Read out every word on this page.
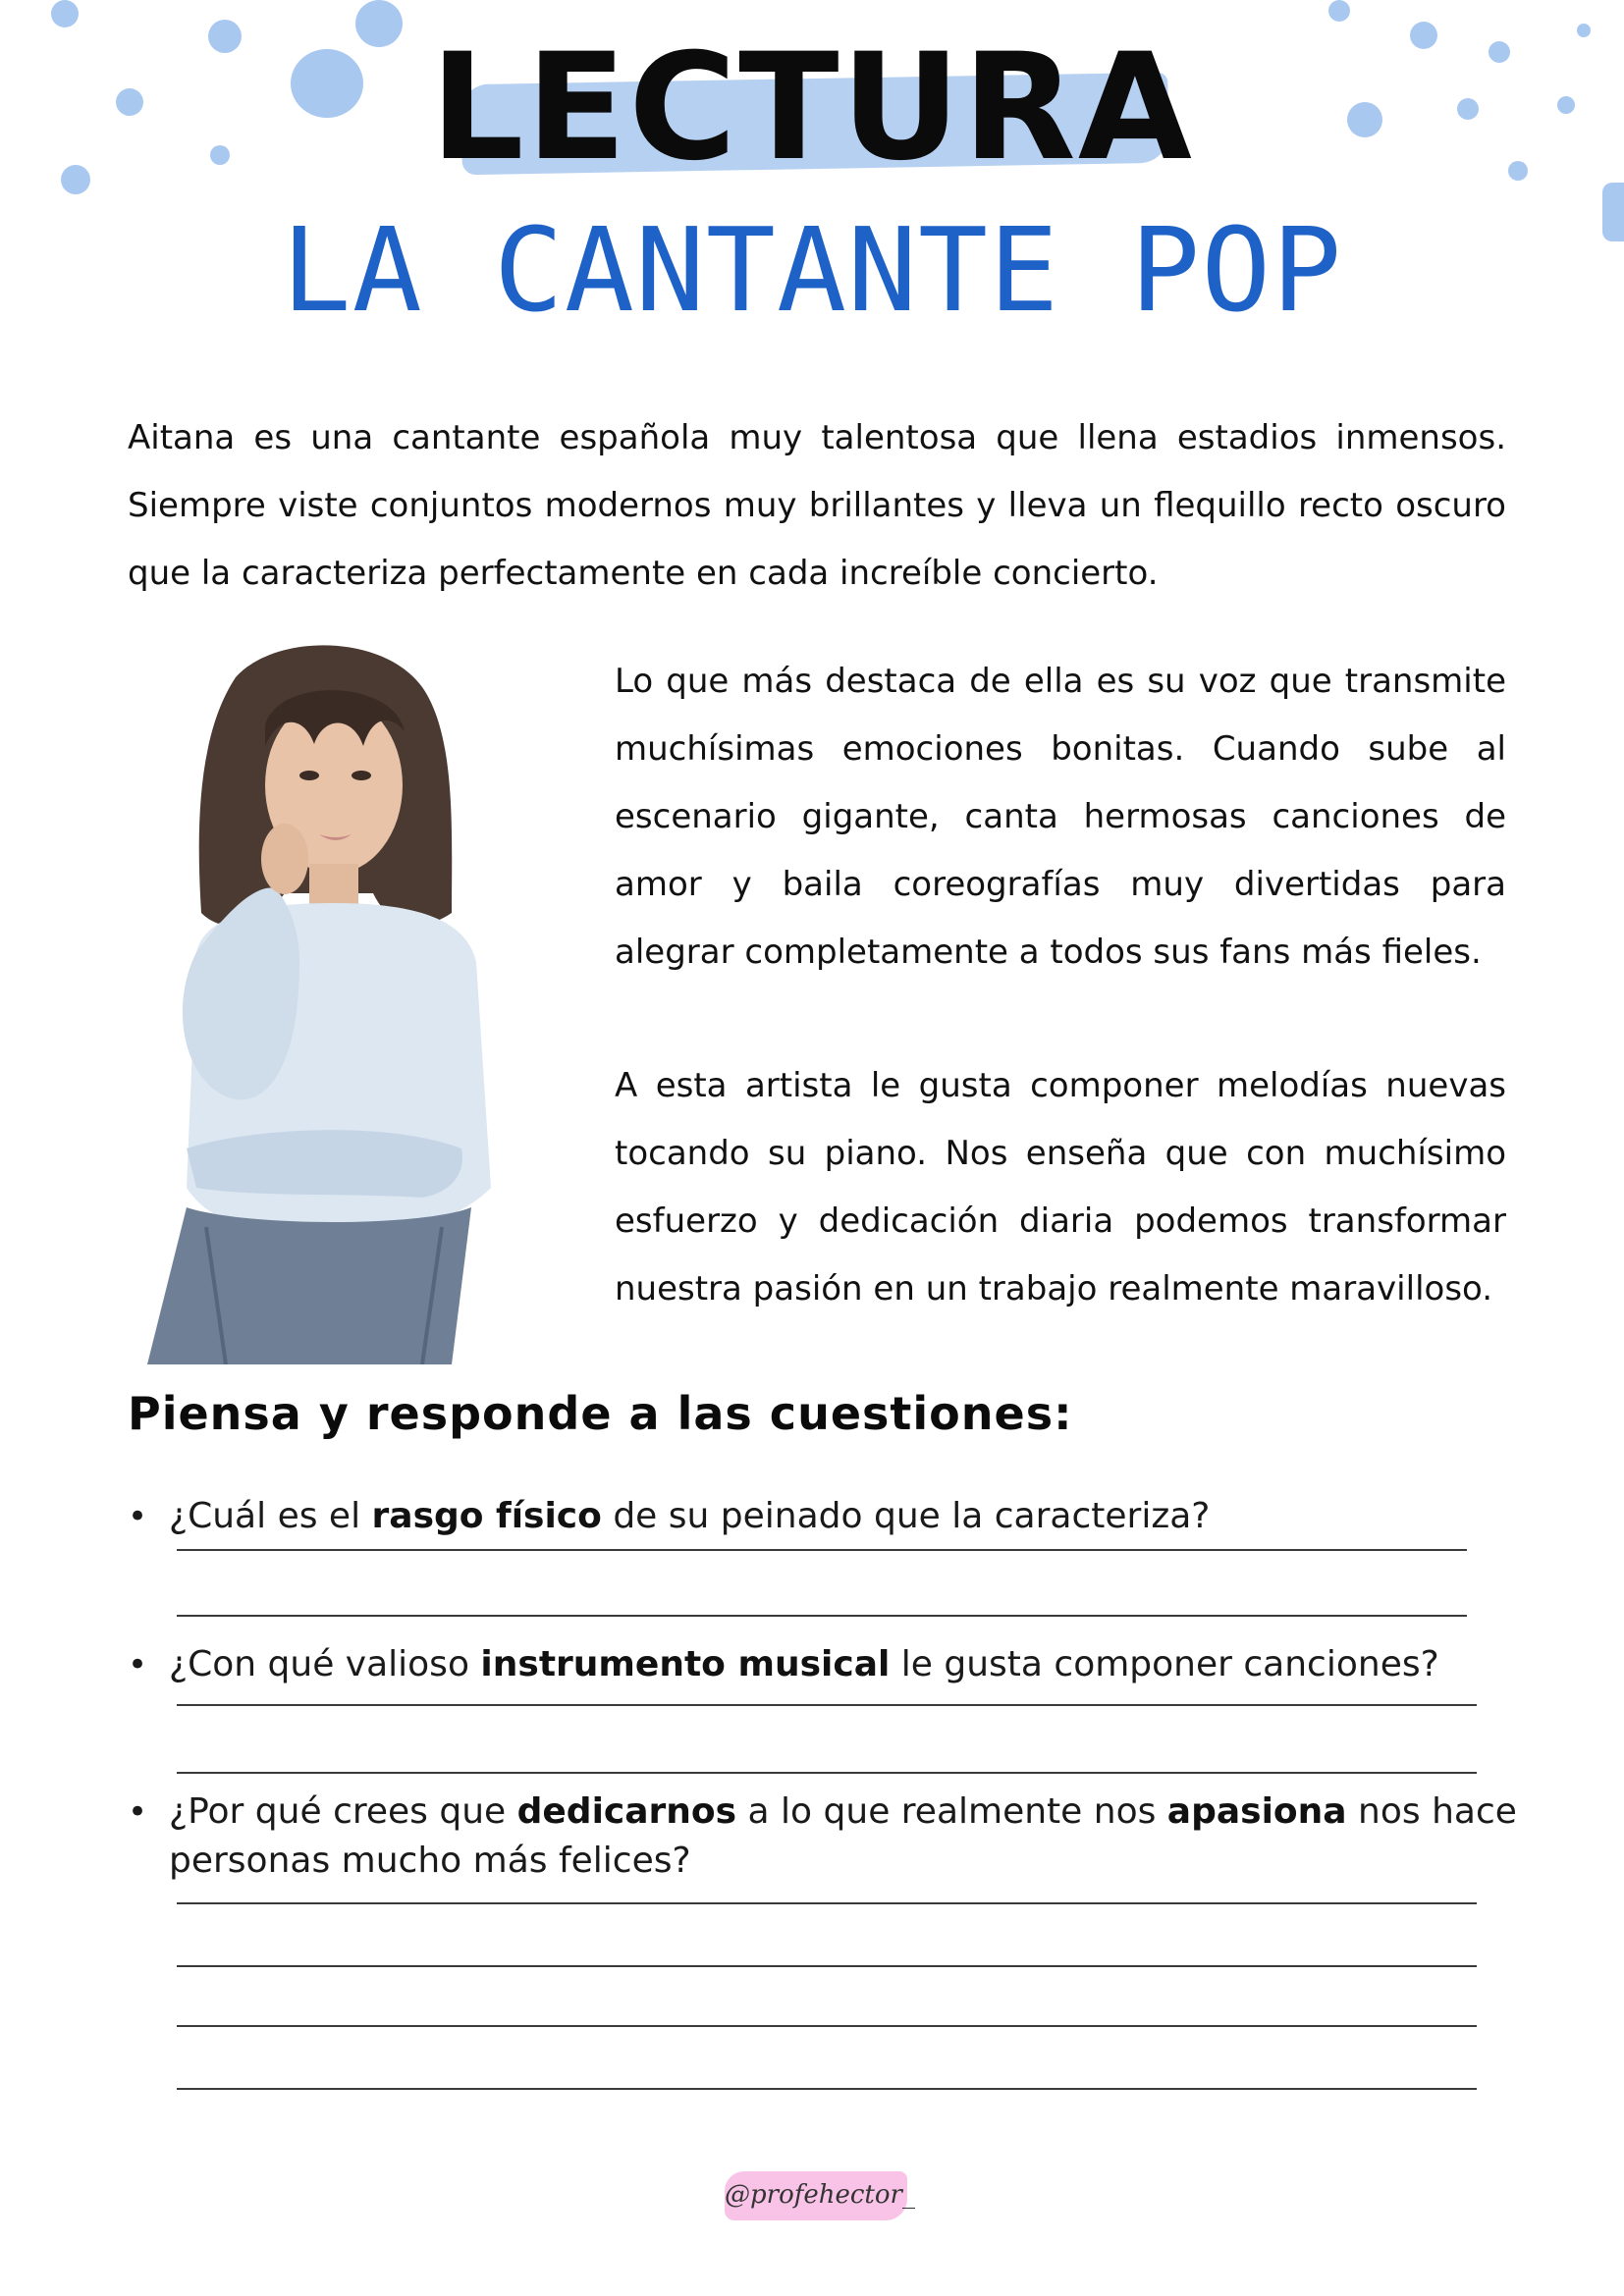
LECTURA
LA CANTANTE POP
Aitana es una cantante española muy talentosa que llena estadios inmensos. Siempre viste conjuntos modernos muy brillantes y lleva un flequillo recto oscuro que la caracteriza perfectamente en cada increíble concierto.
Lo que más destaca de ella es su voz que transmite muchísimas emociones bonitas. Cuando sube al escenario gigante, canta hermosas canciones de amor y baila coreografías muy divertidas para alegrar completamente a todos sus fans más fieles.
A esta artista le gusta componer melodías nuevas tocando su piano. Nos enseña que con muchísimo esfuerzo y dedicación diaria podemos transformar nuestra pasión en un trabajo realmente maravilloso.
Piensa y responde a las cuestiones:
• ¿Cuál es el rasgo físico de su peinado que la caracteriza?
• ¿Con qué valioso instrumento musical le gusta componer canciones?
• ¿Por qué crees que dedicarnos a lo que realmente nos apasiona nos hace personas mucho más felices?
@profehector_
